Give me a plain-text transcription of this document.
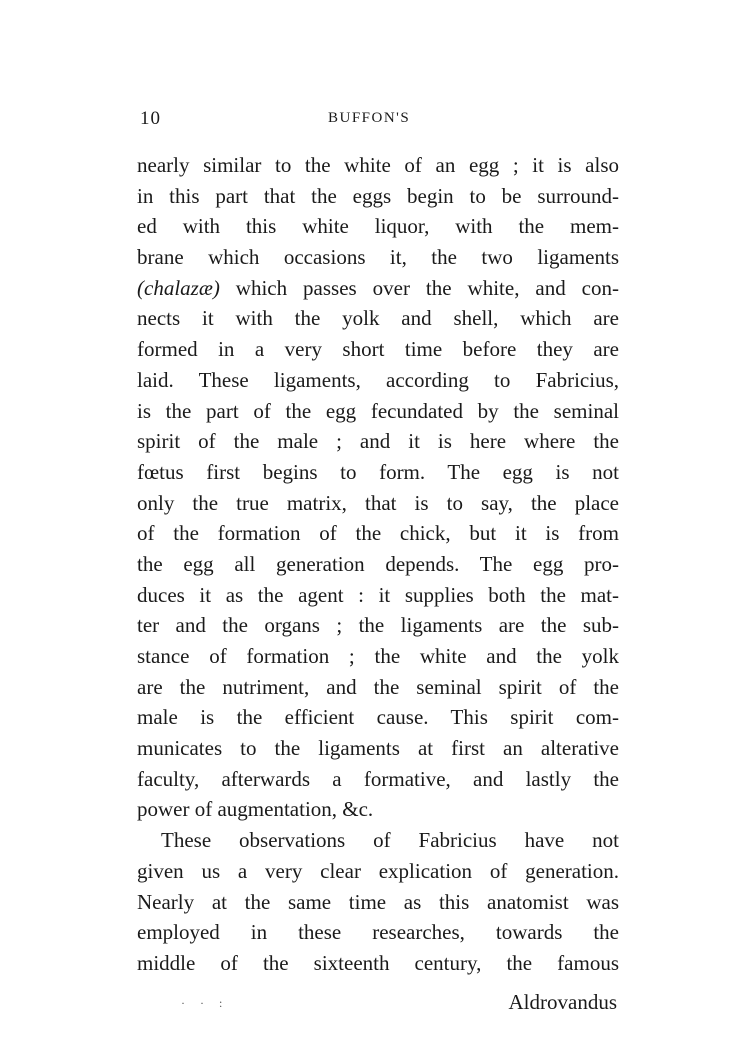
10	BUFFON'S
nearly similar to the white of an egg ; it is also
in this part that the eggs begin to be surround-
ed with this white liquor, with the mem-
brane which occasions it, the two ligaments
(chalazæ) which passes over the white, and con-
nects it with the yolk and shell, which are
formed in a very short time before they are
laid. These ligaments, according to Fabricius,
is the part of the egg fecundated by the seminal
spirit of the male ; and it is here where the
fœtus first begins to form. The egg is not
only the true matrix, that is to say, the place
of the formation of the chick, but it is from
the egg all generation depends. The egg pro-
duces it as the agent : it supplies both the mat-
ter and the organs ; the ligaments are the sub-
stance of formation ; the white and the yolk
are the nutriment, and the seminal spirit of the
male is the efficient cause. This spirit com-
municates to the ligaments at first an alterative
faculty, afterwards a formative, and lastly the
power of augmentation, &c.
These observations of Fabricius have not
given us a very clear explication of generation.
Nearly at the same time as this anatomist was
employed in these researches, towards the
middle of the sixteenth century, the famous
· · :	Aldrovandus
